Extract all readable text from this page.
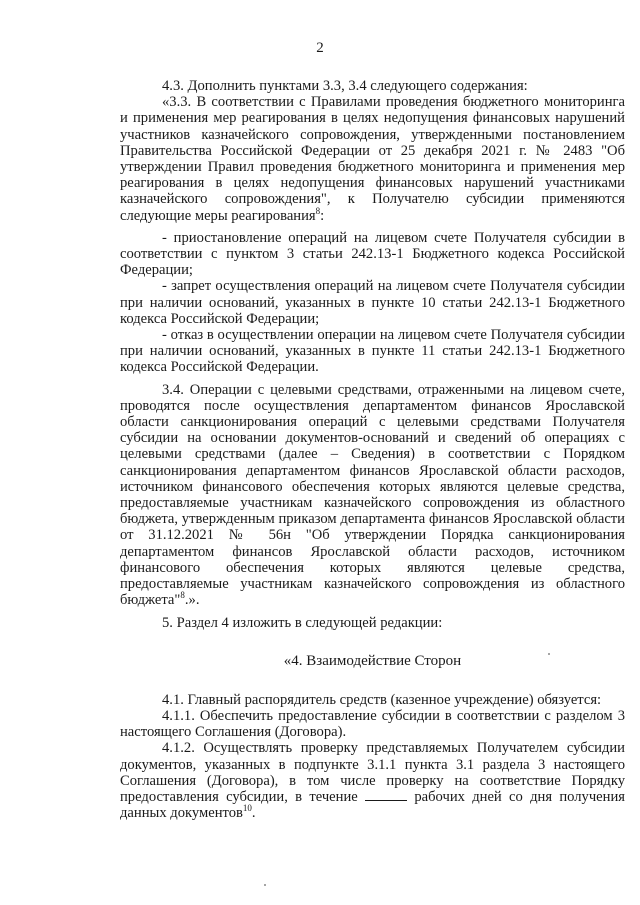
2

4.3. Дополнить пунктами 3.3, 3.4 следующего содержания:

«3.3. В соответствии с Правилами проведения бюджетного мониторинга и применения мер реагирования в целях недопущения финансовых нарушений участников казначейского сопровождения, утвержденными постановлением Правительства Российской Федерации от 25 декабря 2021 г. № 2483 "Об утверждении Правил проведения бюджетного мониторинга и применения мер реагирования в целях недопущения финансовых нарушений участниками казначейского сопровождения", к Получателю субсидии применяются следующие меры реагирования$^8$:

- приостановление операций на лицевом счете Получателя субсидии в соответствии с пунктом 3 статьи 242.13-1 Бюджетного кодекса Российской Федерации;

- запрет осуществления операций на лицевом счете Получателя субсидии при наличии оснований, указанных в пункте 10 статьи 242.13-1 Бюджетного кодекса Российской Федерации;

- отказ в осуществлении операции на лицевом счете Получателя субсидии при наличии оснований, указанных в пункте 11 статьи 242.13-1 Бюджетного кодекса Российской Федерации.

3.4. Операции с целевыми средствами, отраженными на лицевом счете, проводятся после осуществления департаментом финансов Ярославской области санкционирования операций с целевыми средствами Получателя субсидии на основании документов-оснований и сведений об операциях с целевыми средствами (далее – Сведения) в соответствии с Порядком санкционирования департаментом финансов Ярославской области расходов, источником финансового обеспечения которых являются целевые средства, предоставляемые участникам казначейского сопровождения из областного бюджета, утвержденным приказом департамента финансов Ярославской области от 31.12.2021 № 56н "Об утверждении Порядка санкционирования департаментом финансов Ярославской области расходов, источником финансового обеспечения которых являются целевые средства, предоставляемые участникам казначейского сопровождения из областного бюджета"$^8$.».

5. Раздел 4 изложить в следующей редакции:

«4. Взаимодействие Сторон

4.1. Главный распорядитель средств (казенное учреждение) обязуется:

4.1.1. Обеспечить предоставление субсидии в соответствии с разделом 3 настоящего Соглашения (Договора).

4.1.2. Осуществлять проверку представляемых Получателем субсидии документов, указанных в подпункте 3.1.1 пункта 3.1 раздела 3 настоящего Соглашения (Договора), в том числе проверку на соответствие Порядку предоставления субсидии, в течение	рабочих дней со дня получения данных документов$^{10}$.
